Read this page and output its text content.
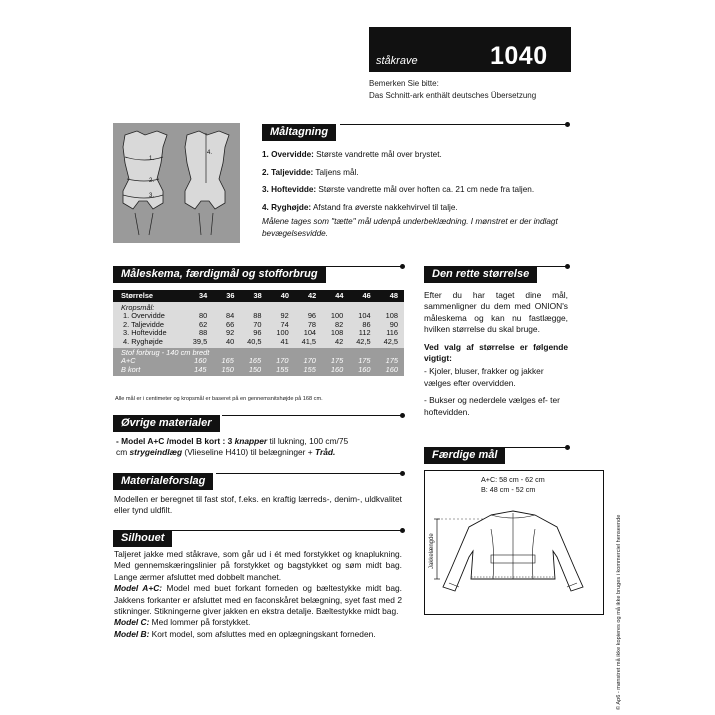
ståkrave	1040
Bemerken Sie bitte:
Das Schnitt-ark enthält deutsches Übersetzung
1.
2.
3.
4.
Måltagning
1. Overvidde: Største vandrette mål over brystet.
2. Taljevidde: Taljens mål.
3. Hoftevidde: Største vandrette mål over hoften ca. 21 cm nede fra taljen.
4. Ryghøjde: Afstand fra øverste nakkehvirvel til talje.
Målene tages som "tætte" mål udenpå underbeklædning. I mønstret er der indlagt bevægelsesvidde.
Måleskema, færdigmål og stofforbrug
Størrelse	34	36	38	40	42	44	46	48
Kropsmål:								
1. Overvidde	80	84	88	92	96	100	104	108
2. Taljevidde	62	66	70	74	78	82	86	90
3. Hoftevidde	88	92	96	100	104	108	112	116
4. Ryghøjde	39,5	40	40,5	41	41,5	42	42,5	42,5
Stof forbrug - 140 cm bredt								
A+C	160	165	165	170	170	175	175	175
B kort	145	150	150	155	155	160	160	160
Alle mål er i centimeter og kropsmål er baseret på en gennemsnitshøjde på 168 cm.
Øvrige materialer
- Model A+C /model B kort : 3 knapper til lukning, 100 cm/75
cm strygeindlæg (Vlieseline H410) til belægninger + Tråd.
Materialeforslag
Modellen er beregnet til fast stof, f.eks. en kraftig lærreds-, denim-, uldkvalitet eller tynd uldfilt.
Silhouet
Taljeret jakke med ståkrave, som går ud i ét med forstykket og knaplukning. Med gennemskæringslinier på forstykket og bagstykket og søm midt bag. Lange ærmer afsluttet med dobbelt manchet.
Model A+C: Model med buet forkant forneden og bæltestykke midt bag. Jakkens forkanter er afsluttet med en faconskåret belægning, syet fast med 2 stikninger. Stikningerne giver jakken en ekstra detalje. Bæltestykke midt bag.
Model C: Med lommer på forstykket.
Model B: Kort model, som afsluttes med en oplægningskant forneden.
Den rette størrelse
Efter du har taget dine mål, sammenligner du dem med ONION's måleskema og kan nu fastlægge, hvilken størrelse du skal bruge.
Ved valg af størrelse er følgende vigtigt:
- Kjoler, bluser, frakker og jakker vælges efter overvidden.
- Bukser og nederdele vælges ef- ter hoftevidden.
Færdige mål
A+C: 58 cm - 62 cm
B: 48 cm - 52 cm
Jakkelængde	© Ap6 - mønstret må ikke kopieres og må ikke bruges i kommerciel henseende
